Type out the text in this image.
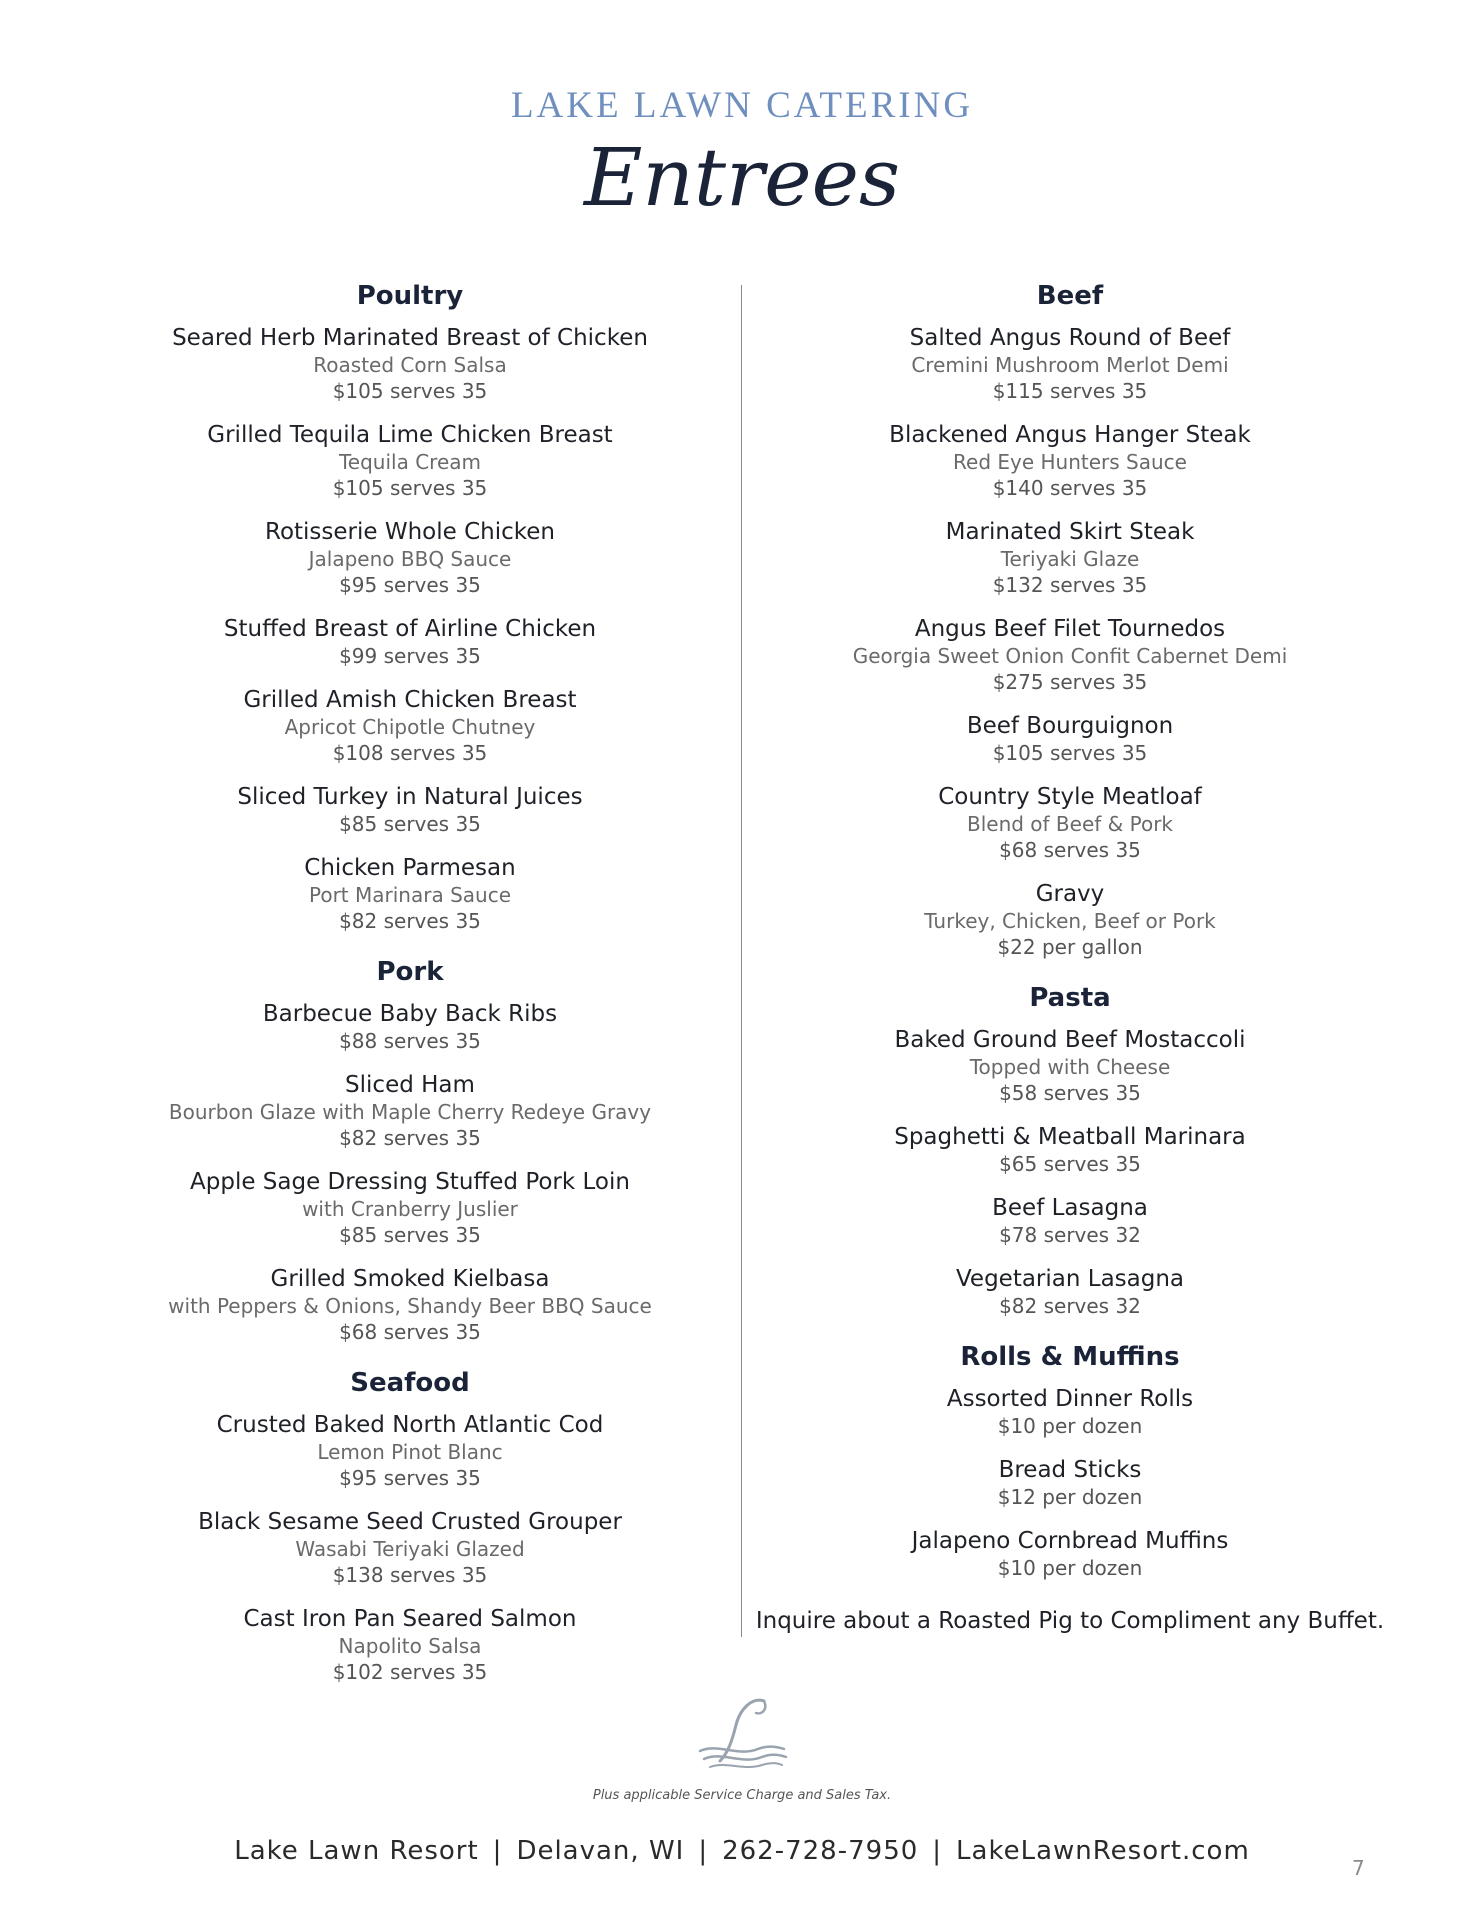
LAKE LAWN CATERING
Entrees
Poultry
Seared Herb Marinated Breast of Chicken
Roasted Corn Salsa
$105 serves 35
Grilled Tequila Lime Chicken Breast
Tequila Cream
$105 serves 35
Rotisserie Whole Chicken
Jalapeno BBQ Sauce
$95 serves 35
Stuffed Breast of Airline Chicken
$99 serves 35
Grilled Amish Chicken Breast
Apricot Chipotle Chutney
$108 serves 35
Sliced Turkey in Natural Juices
$85 serves 35
Chicken Parmesan
Port Marinara Sauce
$82 serves 35
Pork
Barbecue Baby Back Ribs
$88 serves 35
Sliced Ham
Bourbon Glaze with Maple Cherry Redeye Gravy
$82 serves 35
Apple Sage Dressing Stuffed Pork Loin
with Cranberry Juslier
$85 serves 35
Grilled Smoked Kielbasa
with Peppers & Onions, Shandy Beer BBQ Sauce
$68 serves 35
Seafood
Crusted Baked North Atlantic Cod
Lemon Pinot Blanc
$95 serves 35
Black Sesame Seed Crusted Grouper
Wasabi Teriyaki Glazed
$138 serves 35
Cast Iron Pan Seared Salmon
Napolito Salsa
$102 serves 35
Beef
Salted Angus Round of Beef
Cremini Mushroom Merlot Demi
$115 serves 35
Blackened Angus Hanger Steak
Red Eye Hunters Sauce
$140 serves 35
Marinated Skirt Steak
Teriyaki Glaze
$132 serves 35
Angus Beef Filet Tournedos
Georgia Sweet Onion Confit Cabernet Demi
$275 serves 35
Beef Bourguignon
$105 serves 35
Country Style Meatloaf
Blend of Beef & Pork
$68 serves 35
Gravy
Turkey, Chicken, Beef or Pork
$22 per gallon
Pasta
Baked Ground Beef Mostaccoli
Topped with Cheese
$58 serves 35
Spaghetti & Meatball Marinara
$65 serves 35
Beef Lasagna
$78 serves 32
Vegetarian Lasagna
$82 serves 32
Rolls & Muffins
Assorted Dinner Rolls
$10 per dozen
Bread Sticks
$12 per dozen
Jalapeno Cornbread Muffins
$10 per dozen
Inquire about a Roasted Pig to Compliment any Buffet.
Plus applicable Service Charge and Sales Tax.
Lake Lawn Resort | Delavan, WI | 262-728-7950 | LakeLawnResort.com
7
